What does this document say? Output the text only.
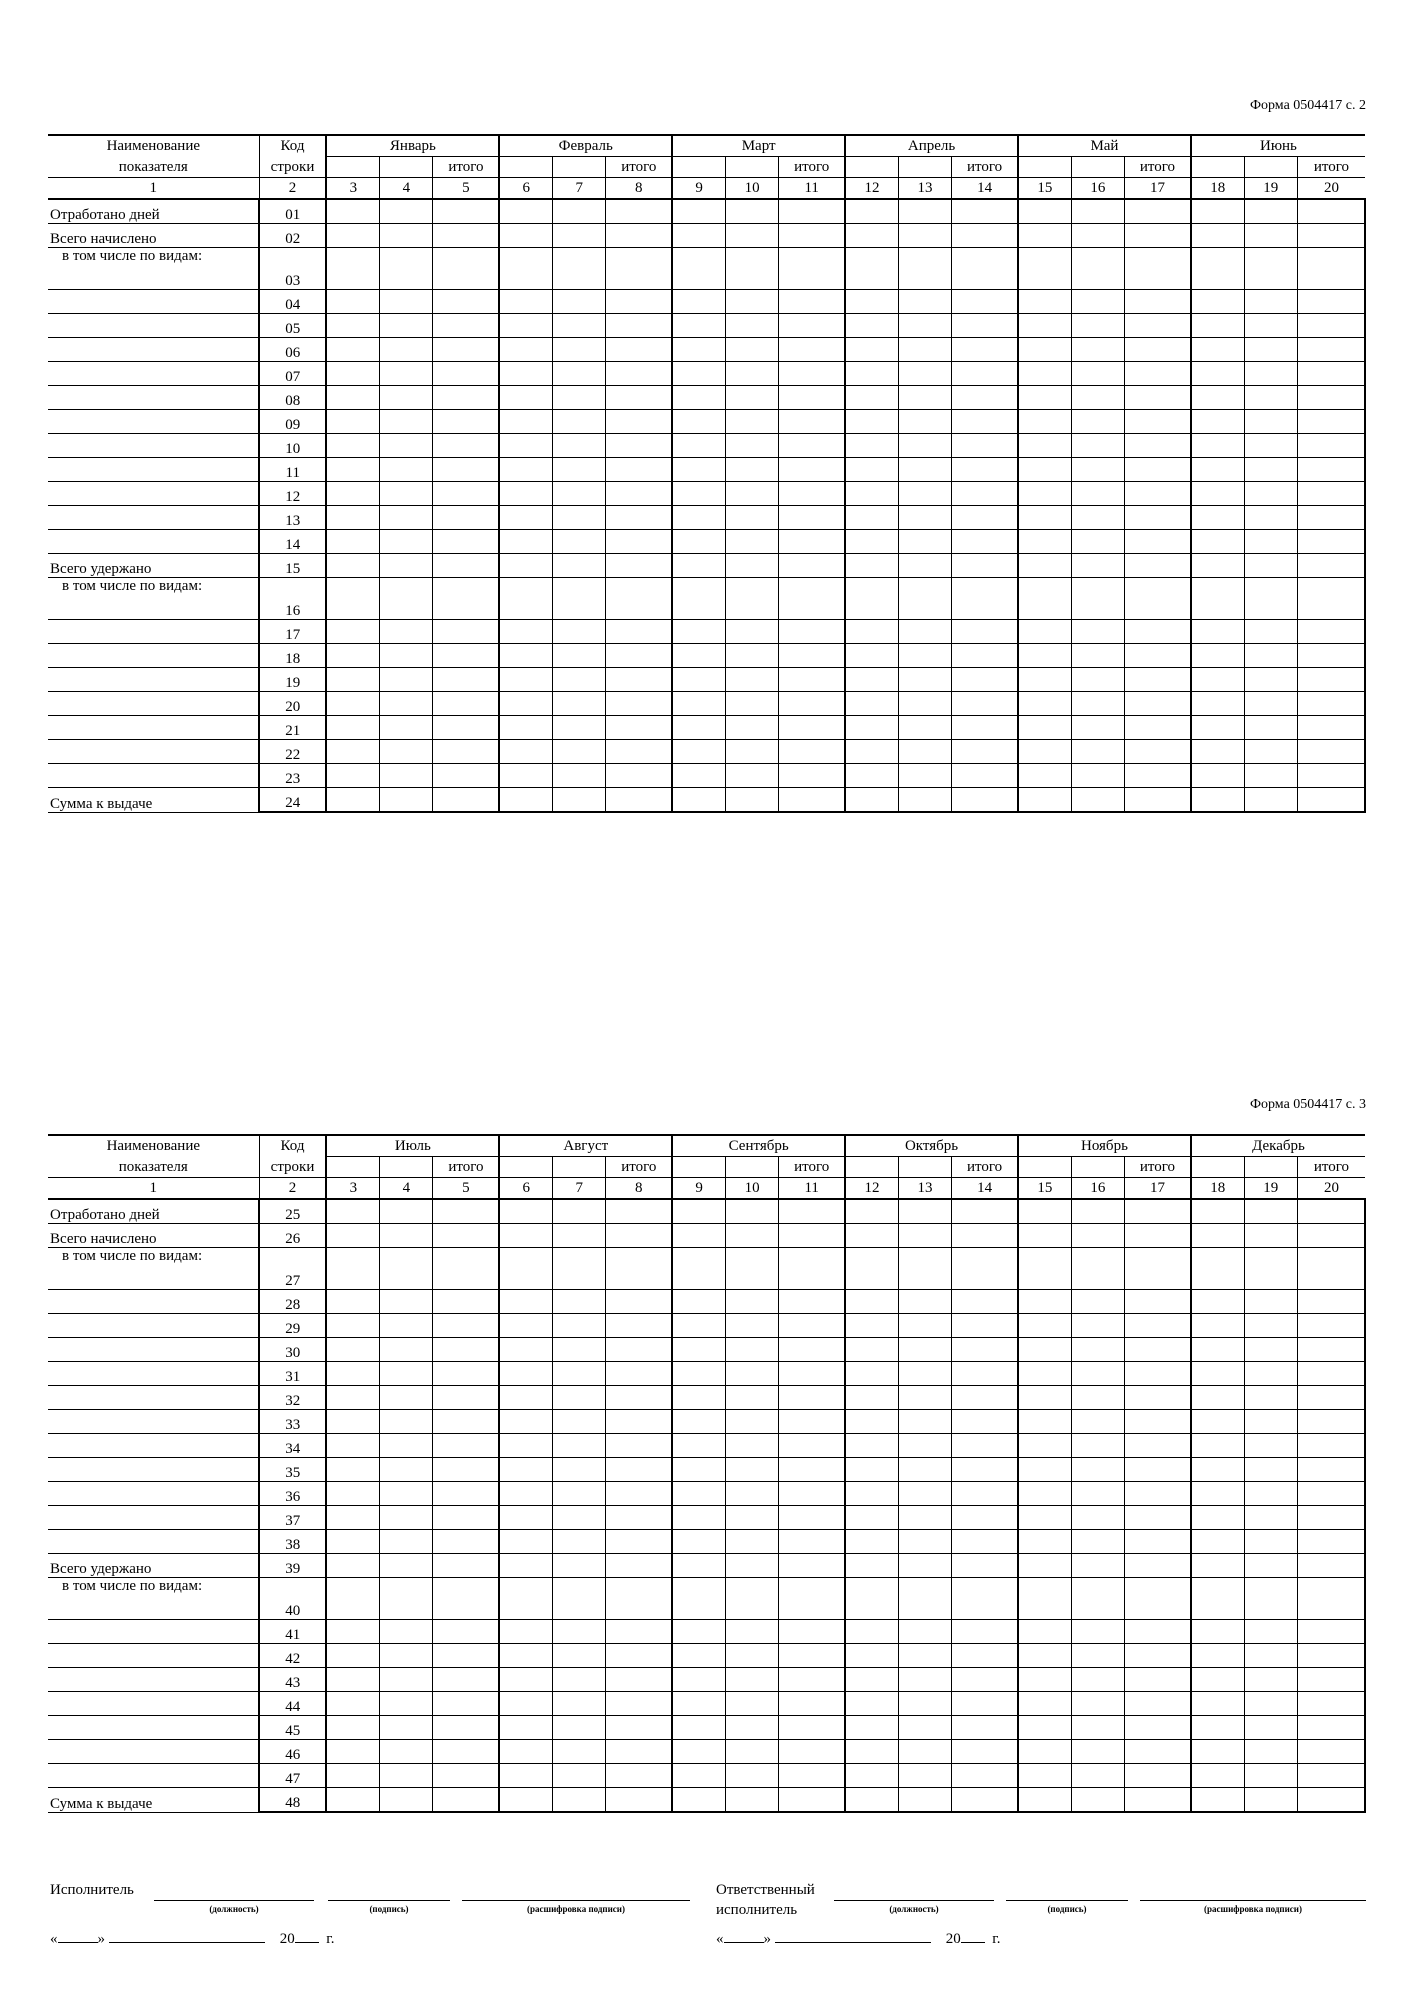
Форма 0504417 с. 2
Наименование	Код	Январь			Февраль			Март			Апрель			Май			Июнь		
показателя	строки			итого			итого			итого			итого			итого			итого
1	2	3	4	5	6	7	8	9	10	11	12	13	14	15	16	17	18	19	20
Отработано дней	01																		
Всего начислено	02																		
в том числе по видам:	03																		
	04																		
	05																		
	06																		
	07																		
	08																		
	09																		
	10																		
	11																		
	12																		
	13																		
	14																		
Всего удержано	15																		
в том числе по видам:	16																		
	17																		
	18																		
	19																		
	20																		
	21																		
	22																		
	23																		
Сумма к выдаче	24																		
Форма 0504417 с. 3
Наименование	Код	Июль			Август			Сентябрь			Октябрь			Ноябрь			Декабрь		
показателя	строки			итого			итого			итого			итого			итого			итого
1	2	3	4	5	6	7	8	9	10	11	12	13	14	15	16	17	18	19	20
Отработано дней	25																		
Всего начислено	26																		
в том числе по видам:	27																		
	28																		
	29																		
	30																		
	31																		
	32																		
	33																		
	34																		
	35																		
	36																		
	37																		
	38																		
Всего удержано	39																		
в том числе по видам:	40																		
	41																		
	42																		
	43																		
	44																		
	45																		
	46																		
	47																		
Сумма к выдаче	48																		
Исполнитель
(должность)	(подпись)	(расшифровка подписи)
«	»	20 г.
Ответственный
исполнитель	(должность)	(подпись)	(расшифровка подписи)
«	»	20 г.
